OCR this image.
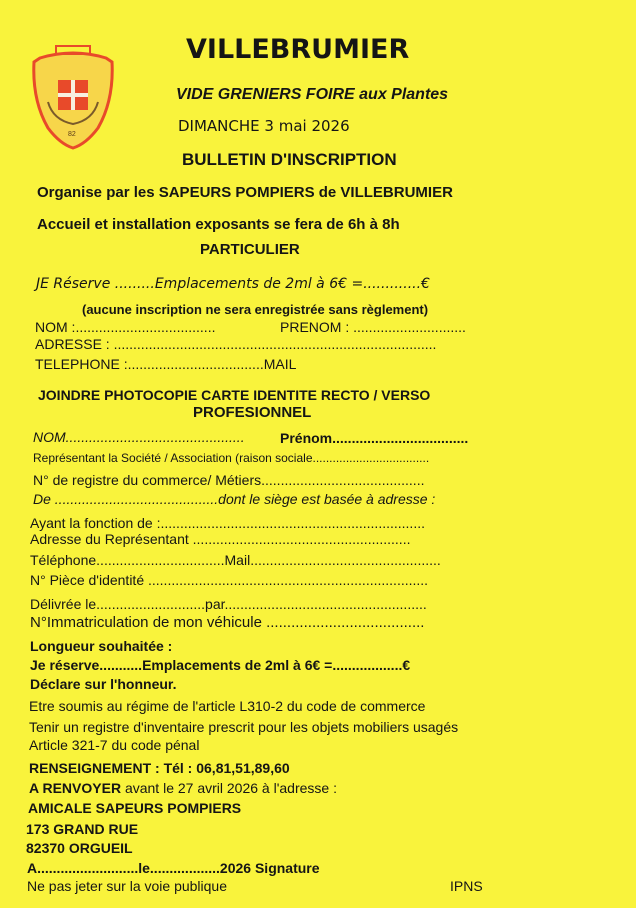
82
VILLEBRUMIER
VIDE GRENIERS FOIRE aux Plantes
DIMANCHE 3 mai 2026
BULLETIN D'INSCRIPTION
Organise par les SAPEURS POMPIERS de VILLEBRUMIER
Accueil et installation exposants se fera de 6h à 8h
PARTICULIER
JE Réserve .........Emplacements de 2ml à 6€ =.............€
(aucune inscription ne sera enregistrée sans règlement)
NOM :....................................	PRENOM : .............................
ADRESSE : ...................................................................................
TELEPHONE :...................................MAIL
JOINDRE PHOTOCOPIE CARTE IDENTITE RECTO / VERSO
PROFESIONNEL
NOM..............................................	Prénom...................................
Représentant la Société / Association (raison sociale...................................
N° de registre du commerce/ Métiers..........................................
De ..........................................dont le siège est basée à adresse :
Ayant la fonction de :....................................................................
Adresse du Représentant ........................................................
Téléphone.................................Mail.................................................
N° Pièce d'identité ........................................................................
Délivrée le............................par....................................................
N°Immatriculation de mon véhicule ......................................
Longueur souhaitée :
Je réserve...........Emplacements de 2ml à 6€ =..................€
Déclare sur l'honneur.
Etre soumis au régime de l'article L310-2 du code de commerce
Tenir un registre d'inventaire prescrit pour les objets mobiliers usagés
Article 321-7 du code pénal
RENSEIGNEMENT : Tél : 06,81,51,89,60
A RENVOYER avant le 27 avril 2026 à l'adresse :
AMICALE SAPEURS POMPIERS
173 GRAND RUE
82370 ORGUEIL
A..........................le..................2026 Signature
Ne pas jeter sur la voie publique	IPNS
